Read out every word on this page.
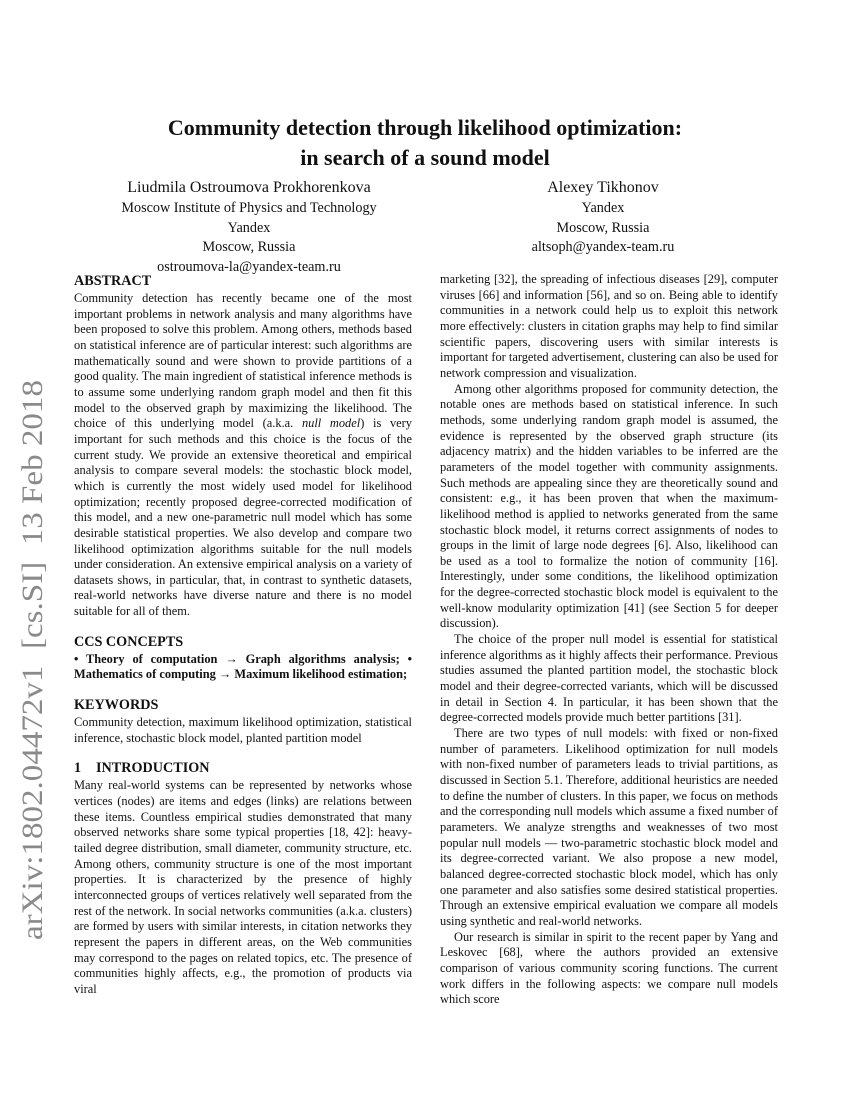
arXiv:1802.04472v1  [cs.SI]  13 Feb 2018
Community detection through likelihood optimization:
in search of a sound model
Liudmila Ostroumova Prokhorenkova
Moscow Institute of Physics and Technology
Yandex
Moscow, Russia
ostroumova-la@yandex-team.ru
Alexey Tikhonov
Yandex
Moscow, Russia
altsoph@yandex-team.ru
ABSTRACT

Community detection has recently became one of the most important problems in network analysis and many algorithms have been proposed to solve this problem. Among others, methods based on statistical inference are of particular interest: such algorithms are mathematically sound and were shown to provide partitions of a good quality. The main ingredient of statistical inference methods is to assume some underlying random graph model and then fit this model to the observed graph by maximizing the likelihood. The choice of this underlying model (a.k.a. null model) is very important for such methods and this choice is the focus of the current study. We provide an extensive theoretical and empirical analysis to compare several models: the stochastic block model, which is currently the most widely used model for likelihood optimization; recently proposed degree-corrected modification of this model, and a new one-parametric null model which has some desirable statistical properties. We also develop and compare two likelihood optimization algorithms suitable for the null models under consideration. An extensive empirical analysis on a variety of datasets shows, in particular, that, in contrast to synthetic datasets, real-world networks have diverse nature and there is no model suitable for all of them.

CCS CONCEPTS

• Theory of computation → Graph algorithms analysis; • Mathematics of computing → Maximum likelihood estimation;

KEYWORDS

Community detection, maximum likelihood optimization, statistical inference, stochastic block model, planted partition model

1 INTRODUCTION

Many real-world systems can be represented by networks whose vertices (nodes) are items and edges (links) are relations between these items. Countless empirical studies demonstrated that many observed networks share some typical properties [18, 42]: heavy-tailed degree distribution, small diameter, community structure, etc. Among others, community structure is one of the most important properties. It is characterized by the presence of highly interconnected groups of vertices relatively well separated from the rest of the network. In social networks communities (a.k.a. clusters) are formed by users with similar interests, in citation networks they represent the papers in different areas, on the Web communities may correspond to the pages on related topics, etc. The presence of communities highly affects, e.g., the promotion of products via viral

marketing [32], the spreading of infectious diseases [29], computer viruses [66] and information [56], and so on. Being able to identify communities in a network could help us to exploit this network more effectively: clusters in citation graphs may help to find similar scientific papers, discovering users with similar interests is important for targeted advertisement, clustering can also be used for network compression and visualization.

Among other algorithms proposed for community detection, the notable ones are methods based on statistical inference. In such methods, some underlying random graph model is assumed, the evidence is represented by the observed graph structure (its adjacency matrix) and the hidden variables to be inferred are the parameters of the model together with community assignments. Such methods are appealing since they are theoretically sound and consistent: e.g., it has been proven that when the maximum-likelihood method is applied to networks generated from the same stochastic block model, it returns correct assignments of nodes to groups in the limit of large node degrees [6]. Also, likelihood can be used as a tool to formalize the notion of community [16]. Interestingly, under some conditions, the likelihood optimization for the degree-corrected stochastic block model is equivalent to the well-know modularity optimization [41] (see Section 5 for deeper discussion).

The choice of the proper null model is essential for statistical inference algorithms as it highly affects their performance. Previous studies assumed the planted partition model, the stochastic block model and their degree-corrected variants, which will be discussed in detail in Section 4. In particular, it has been shown that the degree-corrected models provide much better partitions [31].

There are two types of null models: with fixed or non-fixed number of parameters. Likelihood optimization for null models with non-fixed number of parameters leads to trivial partitions, as discussed in Section 5.1. Therefore, additional heuristics are needed to define the number of clusters. In this paper, we focus on methods and the corresponding null models which assume a fixed number of parameters. We analyze strengths and weaknesses of two most popular null models — two-parametric stochastic block model and its degree-corrected variant. We also propose a new model, balanced degree-corrected stochastic block model, which has only one parameter and also satisfies some desired statistical properties. Through an extensive empirical evaluation we compare all models using synthetic and real-world networks.

Our research is similar in spirit to the recent paper by Yang and Leskovec [68], where the authors provided an extensive comparison of various community scoring functions. The current work differs in the following aspects: we compare null models which score
